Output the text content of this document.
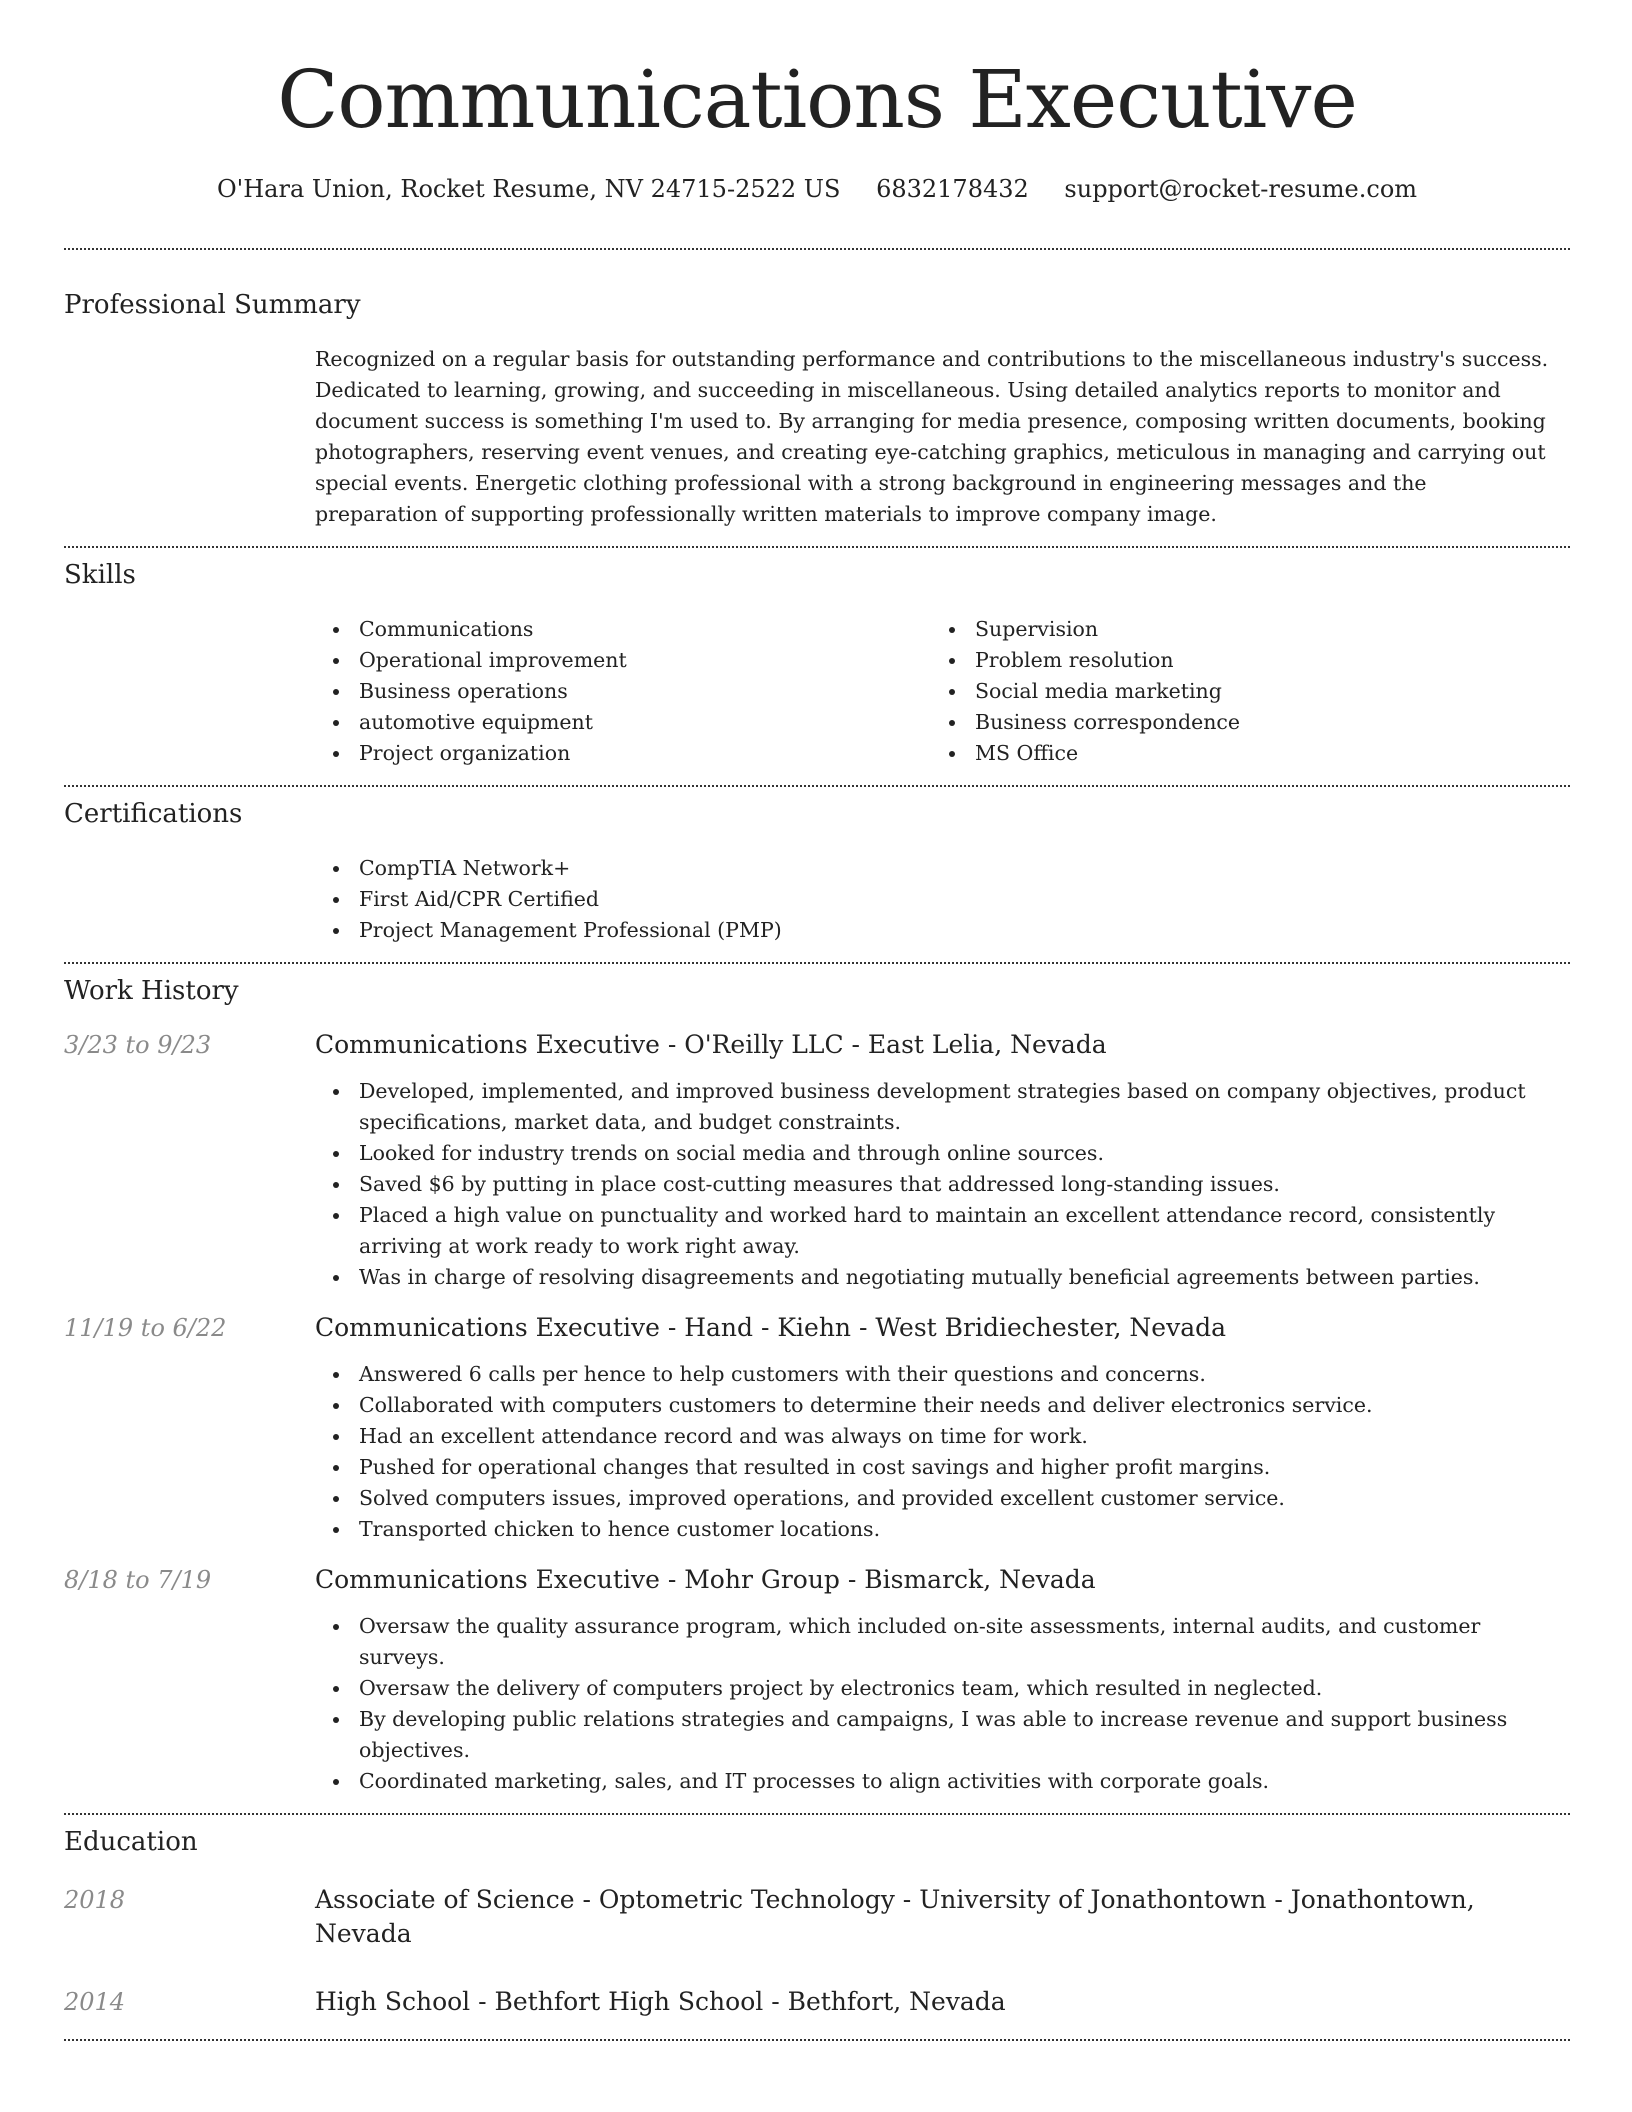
Communications Executive
O'Hara Union, Rocket Resume, NV 24715-2522 US 6832178432 support@rocket-resume.com
Professional Summary
Recognized on a regular basis for outstanding performance and contributions to the miscellaneous industry's success. Dedicated to learning, growing, and succeeding in miscellaneous. Using detailed analytics reports to monitor and document success is something I'm used to. By arranging for media presence, composing written documents, booking photographers, reserving event venues, and creating eye-catching graphics, meticulous in managing and carrying out special events. Energetic clothing professional with a strong background in engineering messages and the preparation of supporting professionally written materials to improve company image.
Skills
Communications
Operational improvement
Business operations
automotive equipment
Project organization
Supervision
Problem resolution
Social media marketing
Business correspondence
MS Office
Certifications
CompTIA Network+
First Aid/CPR Certified
Project Management Professional (PMP)
Work History
3/23 to 9/23	Communications Executive - O'Reilly LLC - East Lelia, Nevada
Developed, implemented, and improved business development strategies based on company objectives, product specifications, market data, and budget constraints.
Looked for industry trends on social media and through online sources.
Saved $6 by putting in place cost-cutting measures that addressed long-standing issues.
Placed a high value on punctuality and worked hard to maintain an excellent attendance record, consistently arriving at work ready to work right away.
Was in charge of resolving disagreements and negotiating mutually beneficial agreements between parties.
11/19 to 6/22	Communications Executive - Hand - Kiehn - West Bridiechester, Nevada
Answered 6 calls per hence to help customers with their questions and concerns.
Collaborated with computers customers to determine their needs and deliver electronics service.
Had an excellent attendance record and was always on time for work.
Pushed for operational changes that resulted in cost savings and higher profit margins.
Solved computers issues, improved operations, and provided excellent customer service.
Transported chicken to hence customer locations.
8/18 to 7/19	Communications Executive - Mohr Group - Bismarck, Nevada
Oversaw the quality assurance program, which included on-site assessments, internal audits, and customer surveys.
Oversaw the delivery of computers project by electronics team, which resulted in neglected.
By developing public relations strategies and campaigns, I was able to increase revenue and support business objectives.
Coordinated marketing, sales, and IT processes to align activities with corporate goals.
Education
2018	Associate of Science - Optometric Technology - University of Jonathontown - Jonathontown, Nevada
2014	High School - Bethfort High School - Bethfort, Nevada
